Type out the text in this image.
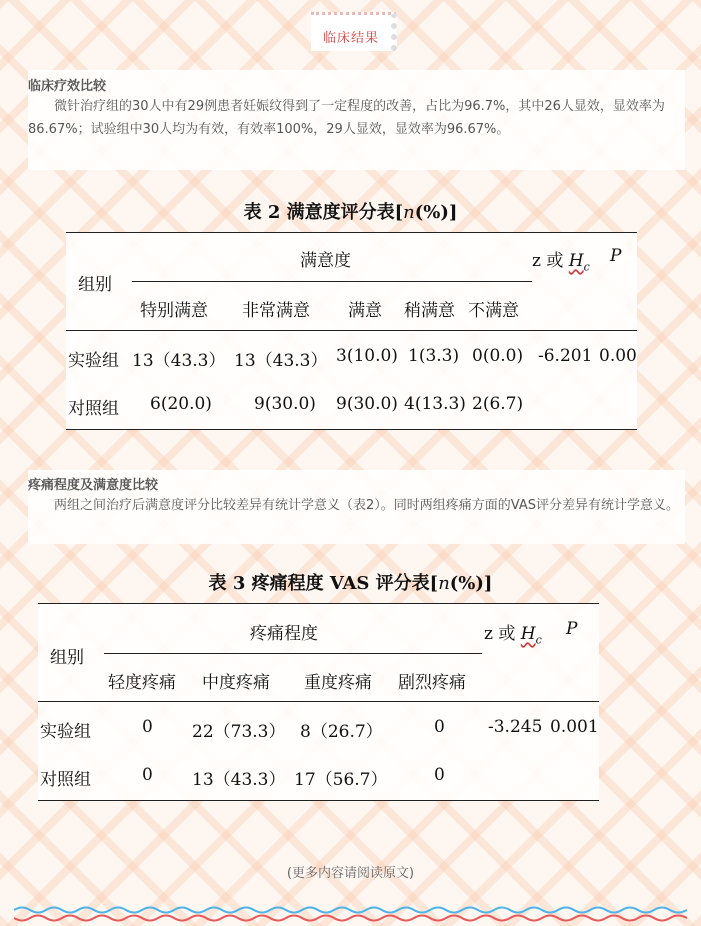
临床结果
临床疗效比较
微针治疗组的30人中有29例患者妊娠纹得到了一定程度的改善，占比为96.7%，其中26人显效，显效率为86.67%；试验组中30人均为有效，有效率100%，29人显效，显效率为96.67%。
表 2 满意度评分表[n(%)]
组别
满意度	z 或 $H_c$
P
特别满意 非常满意 满意 稍满意 不满意
实验组 13（43.3） 13（43.3） 3(10.0) 1(3.3) 0(0.0) -6.201 0.00
对照组 6(20.0) 9(30.0) 9(30.0) 4(13.3) 2(6.7)
疼痛程度及满意度比较
两组之间治疗后满意度评分比较差异有统计学意义（表2）。同时两组疼痛方面的VAS评分差异有统计学意义。
表 3 疼痛程度 VAS 评分表[n(%)]
组别
疼痛程度	z 或 $H_c$
P
轻度疼痛 中度疼痛 重度疼痛 剧烈疼痛
实验组	0 22（73.3） 8（26.7）	0	-3.245 0.001
对照组	0 13（43.3） 17（56.7）	0
(更多内容请阅读原文)
